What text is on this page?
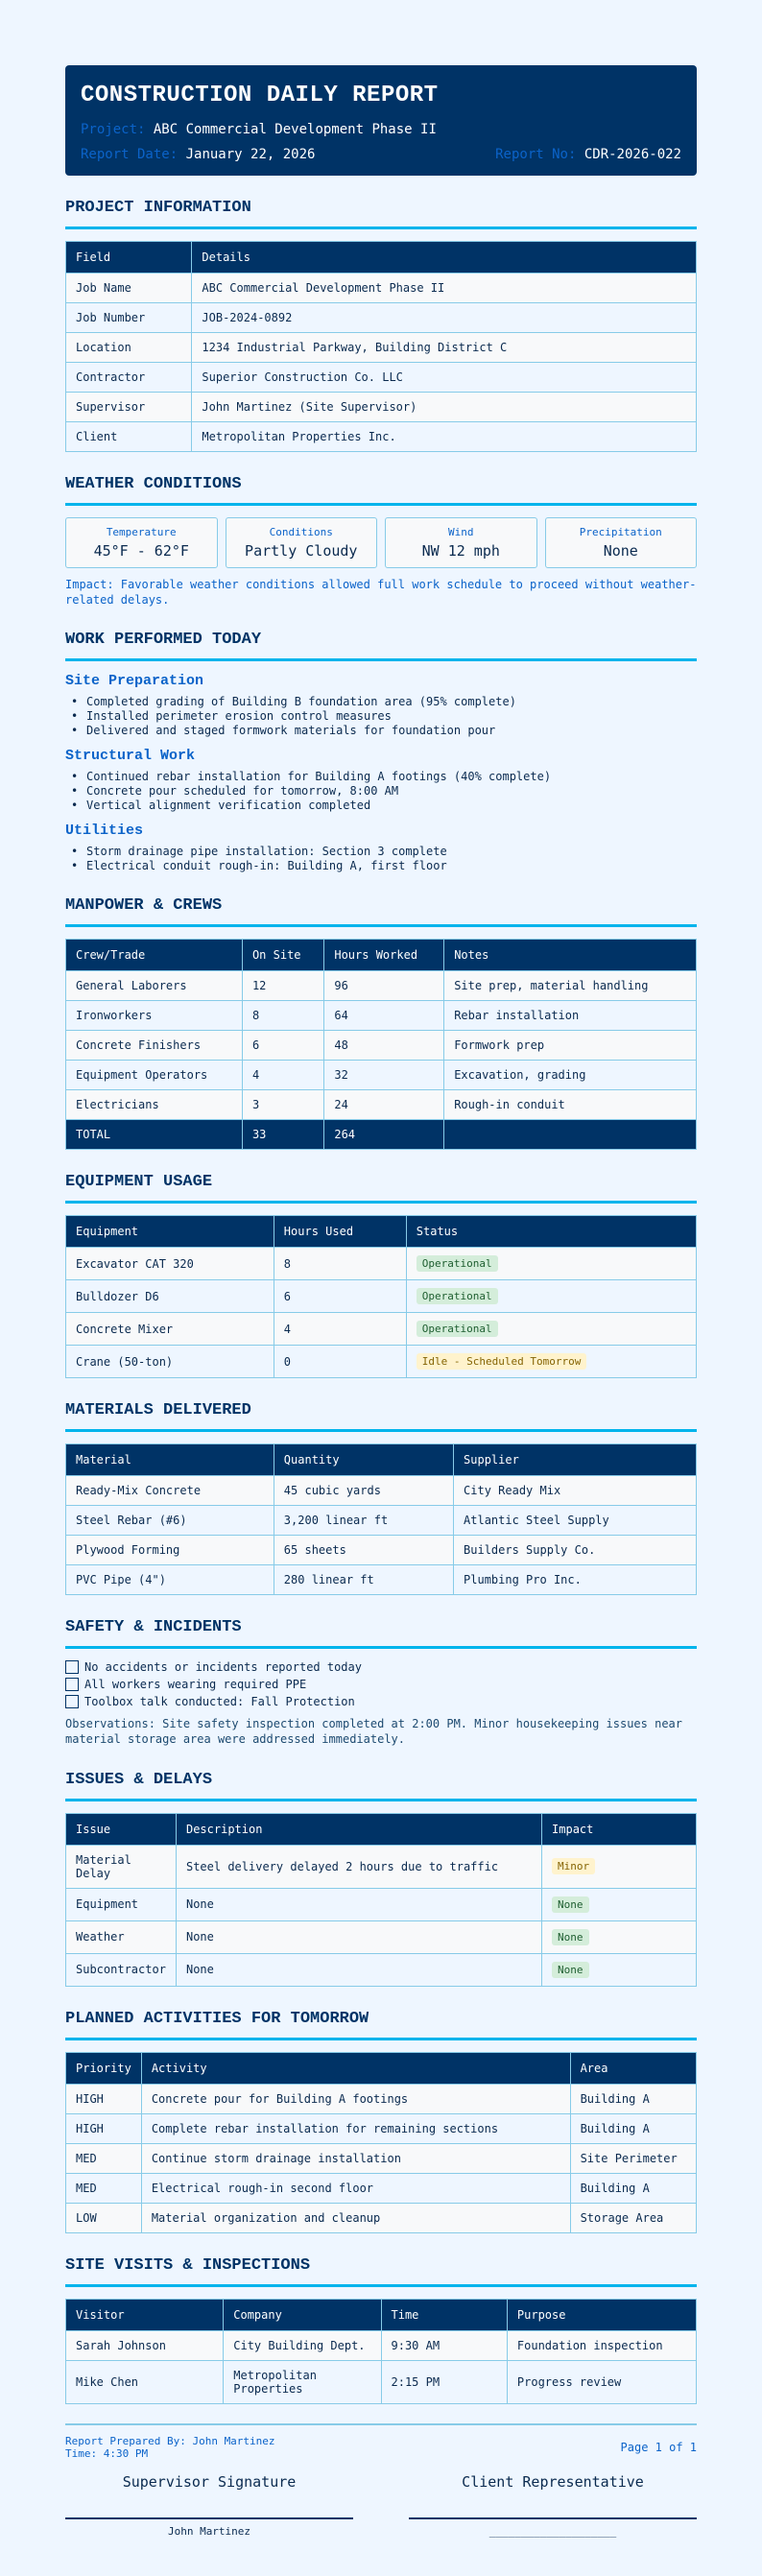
CONSTRUCTION DAILY REPORT
Project: ABC Commercial Development Phase II
Report Date: January 22, 2026	Report No: CDR-2026-022
PROJECT INFORMATION
Field	Details
Job Name	ABC Commercial Development Phase II
Job Number	JOB-2024-0892
Location	1234 Industrial Parkway, Building District C
Contractor	Superior Construction Co. LLC
Supervisor	John Martinez (Site Supervisor)
Client	Metropolitan Properties Inc.
WEATHER CONDITIONS
Temperature
45°F - 62°F
Conditions
Partly Cloudy
Wind
NW 12 mph
Precipitation
None
Impact: Favorable weather conditions allowed full work schedule to proceed without weather-related delays.
WORK PERFORMED TODAY
Site Preparation
• Completed grading of Building B foundation area (95% complete)
• Installed perimeter erosion control measures
• Delivered and staged formwork materials for foundation pour
Structural Work
• Continued rebar installation for Building A footings (40% complete)
• Concrete pour scheduled for tomorrow, 8:00 AM
• Vertical alignment verification completed
Utilities
• Storm drainage pipe installation: Section 3 complete
• Electrical conduit rough-in: Building A, first floor
MANPOWER & CREWS
Crew/Trade	On Site	Hours Worked	Notes
General Laborers	12	96	Site prep, material handling
Ironworkers	8	64	Rebar installation
Concrete Finishers	6	48	Formwork prep
Equipment Operators	4	32	Excavation, grading
Electricians	3	24	Rough-in conduit
TOTAL	33	264	
EQUIPMENT USAGE
Equipment	Hours Used	Status
Excavator CAT 320	8	Operational
Bulldozer D6	6	Operational
Concrete Mixer	4	Operational
Crane (50-ton)	0	Idle - Scheduled Tomorrow
MATERIALS DELIVERED
Material	Quantity	Supplier
Ready-Mix Concrete	45 cubic yards	City Ready Mix
Steel Rebar (#6)	3,200 linear ft	Atlantic Steel Supply
Plywood Forming	65 sheets	Builders Supply Co.
PVC Pipe (4")	280 linear ft	Plumbing Pro Inc.
SAFETY & INCIDENTS
No accidents or incidents reported today
All workers wearing required PPE
Toolbox talk conducted: Fall Protection
Observations: Site safety inspection completed at 2:00 PM. Minor housekeeping issues near material storage area were addressed immediately.
ISSUES & DELAYS
Issue	Description	Impact
Material Delay	Steel delivery delayed 2 hours due to traffic	Minor
Equipment	None	None
Weather	None	None
Subcontractor	None	None
PLANNED ACTIVITIES FOR TOMORROW
Priority	Activity	Area
HIGH	Concrete pour for Building A footings	Building A
HIGH	Complete rebar installation for remaining sections	Building A
MED	Continue storm drainage installation	Site Perimeter
MED	Electrical rough-in second floor	Building A
LOW	Material organization and cleanup	Storage Area
SITE VISITS & INSPECTIONS
Visitor	Company	Time	Purpose
Sarah Johnson	City Building Dept.	9:30 AM	Foundation inspection
Mike Chen	Metropolitan Properties	2:15 PM	Progress review
Report Prepared By: John Martinez
Time: 4:30 PM	Page 1 of 1
Supervisor Signature
John Martinez
Client Representative
____________________
